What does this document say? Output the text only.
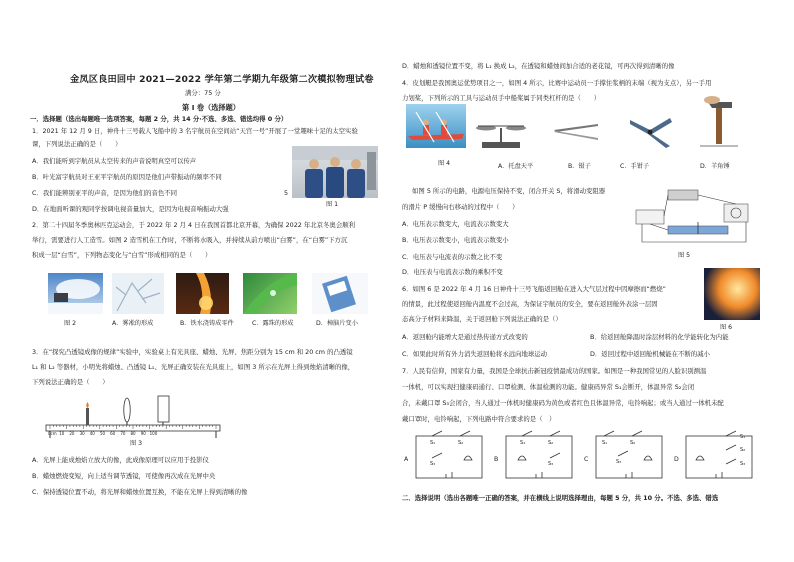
金凤区良田回中 2021—2022 学年第二学期九年级第二次模拟物理试卷
满分：75 分
第 Ⅰ 卷（选择题）
一．选择题（选出每题唯一选项答案，每题 2 分，共 14 分·不选、多选、错选均得 0 分）
1．2021 年 12 月 9 日，神舟十三号载人飞船中的 3 名宇航员在空间站“天宫一号”开展了一堂趣味十足的太空实验
课，下列说法正确的是（　　）
A．我们能听到宇航员从太空传来的声音说明真空可以传声
B．叶光富宇航员对王亚平宇航员的原因是他们声带振动的频率不同
C．我们能辨别亚平的声音，是因为他们的音色不同	5
D．在地面听课的观同学按调电视音量加大，是因为电视音响振动大强
图 1
2．第二十四届冬季奥林匹克运动会，于 2022 年 2 月 4 日在我国首都北京开幕，为确保 2022 年北京冬奥会顺利
举行，需要进行人工造雪。如图 2 造雪机在工作时，不断将水吸入，并持续从前方喷出“白雾”，在“白雾”下方沉
积成一层“白雪”，下列物态变化与“白雪”形成相同的是（　　）
图 2	A．雾凇的形成	B．铁水浇铸成零件	C．露珠的形成	D．樟脑片变小
3．在“探究凸透镜成像的规律”实验中，实验桌上有光具座、蜡烛、光屏、焦距分别为 15 cm 和 20 cm 的凸透镜
L₁ 和 L₂ 等器材，小明先将蜡烛、凸透镜 L₁、光屏正确安装在光具座上，如图 3 所示在光屏上得到烛焰清晰的像，
下列说法正确的是（　　）
0cm 10 20 30 40 50 60 70 80 90 100
图 3
A．光屏上能成烛焰立放大的像，此成像原理可以应用于投影仪
B．蜡烛燃烧变短，向上适当调节透镜，可使像再次成在光屏中央
C．保持透镜位置不动，将光屏和蜡烛位置互换，不能在光屏上得到清晰的像
D．蜡烛和透镜位置不变，将 L₁ 换成 L₂，在透镜和蜡烛间加合适的老花镜，可再次得到清晰的像
4．皮划艇是我国奥运优势项目之一，如图 4 所示，比赛中运动员一手撑住浆柄的末端（视为支点），另一手用
力划桨，下列所示的工具与运动员手中船桨属于同类杠杆的是（　　）
图 4	A．托盘天平	B．镊子	C．手钳子	D．羊角锤
如图 5 所示的电路，电源电压保持不变，闭合开关 S，将滑动变阻器
的滑片 P 缓慢向右移动的过程中（　　）
A．电压表示数变大，电流表示数变大
B．电压表示数变小，电流表示数变小
C．电压表与电流表的示数之比不变
D．电压表与电流表示数的乘积不变
图 5
6．如图 6 是 2022 年 4 月 16 日神舟十三号飞船返回舱在进入大气层过程中因摩擦而“燃烧”
的情景，此过程使返回舱内温度不会过高，为保证宇航员的安全，要在返回舱外表涂一层固
态高分子材料来降温，关于返回舱下列说法正确的是（）
图 6
A．返回舱内能增大是通过热传递方式改变的	B．给返回舱降温时涂层材料的化学能转化为内能
C．如果此时所有外力消失返回舱将永远向地球运动	D．返回过程中返回舱机械能在不断的减小
7．人民有信仰，国家有力量，我国是全球抗击新冠疫情最成功的国家。如图是一种我国常见的人脸识别测温
一体机，可以实现扫健康码通行、口罩检测、体温检测的功能。健康码异常 S₁会断开，体温异常 S₂会闭
合，未戴口罩 S₃会闭合，当人通过一体机时健康码为黄色或者红色且体温异常，电铃响起；或当人通过一体机未配
戴口罩时，电铃响起，下列电路中符合要求的是（　）
A
S₁	S₂
S₃
B
S₁	S₂
S₃
C
S₁	S₂
S₃	D
S₁
S₂
S₃
二．选择说明（选出各题唯一正确的答案，并在横线上说明选择理由，每题 5 分，共 10 分。不选、多选、错选
